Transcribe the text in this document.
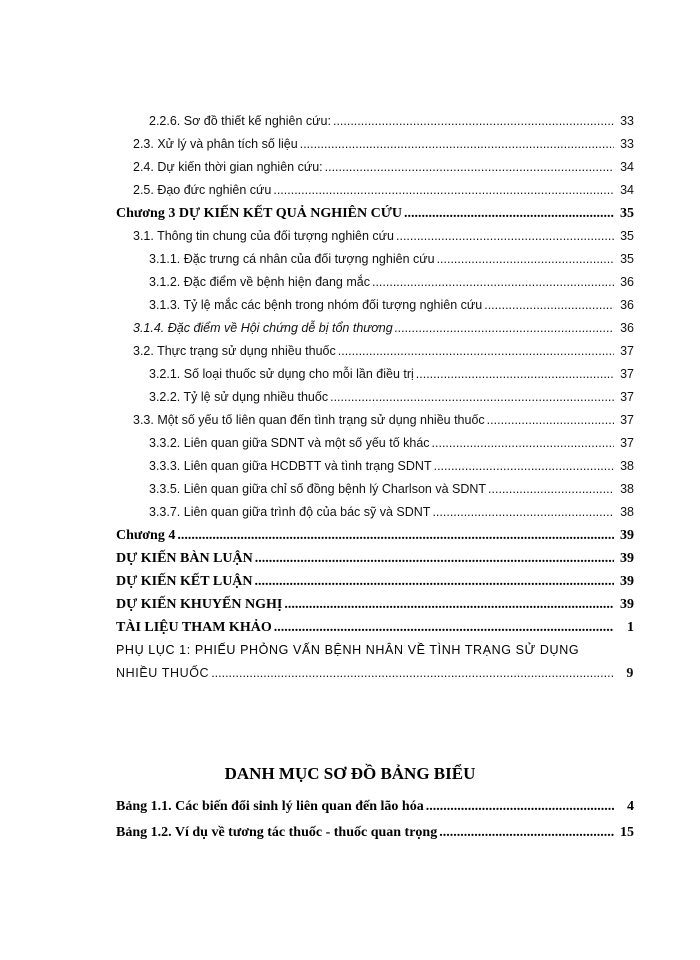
2.2.6. Sơ đồ thiết kế nghiên cứu: .....	33
2.3. Xử lý và phân tích số liệu .....	33
2.4. Dự kiến thời gian nghiên cứu: .....	34
2.5. Đạo đức nghiên cứu .....	34
Chương 3 DỰ KIẾN KẾT QUẢ NGHIÊN CỨU .....	35
3.1. Thông tin chung của đối tượng nghiên cứu .....	35
3.1.1. Đặc trưng cá nhân của đối tượng nghiên cứu .....	35
3.1.2. Đặc điểm về bệnh hiện đang mắc .....	36
3.1.3. Tỷ lệ mắc các bệnh trong nhóm đối tượng nghiên cứu .....	36
3.1.4. Đặc điểm về Hội chứng dễ bị tổn thương .....	36
3.2. Thực trạng sử dụng nhiều thuốc .....	37
3.2.1. Số loại thuốc sử dụng cho mỗi lần điều trị .....	37
3.2.2. Tỷ lệ sử dụng nhiều thuốc .....	37
3.3. Một số yếu tố liên quan đến tình trạng sử dụng nhiều thuốc .....	37
3.3.2. Liên quan giữa SDNT và một số yếu tố khác .....	37
3.3.3. Liên quan giữa HCDBTT và tình trạng SDNT .....	38
3.3.5. Liên quan giữa chỉ số đồng bệnh lý Charlson và SDNT .....	38
3.3.7. Liên quan giữa trình độ của bác sỹ và SDNT .....	38
Chương 4 .....	39
DỰ KIẾN BÀN LUẬN .....	39
DỰ KIẾN KẾT LUẬN .....	39
DỰ KIẾN KHUYẾN NGHỊ .....	39
TÀI LIỆU THAM KHẢO .....	1
PHỤ LỤC 1: PHIẾU PHỎNG VẤN BỆNH NHÂN VỀ TÌNH TRẠNG SỬ DỤNG
NHIỀU THUỐC .....	9
DANH MỤC SƠ ĐỒ BẢNG BIỂU
Bảng 1.1. Các biến đổi sinh lý liên quan đến lão hóa .....	4
Bảng 1.2. Ví dụ về tương tác thuốc - thuốc quan trọng .....	15
